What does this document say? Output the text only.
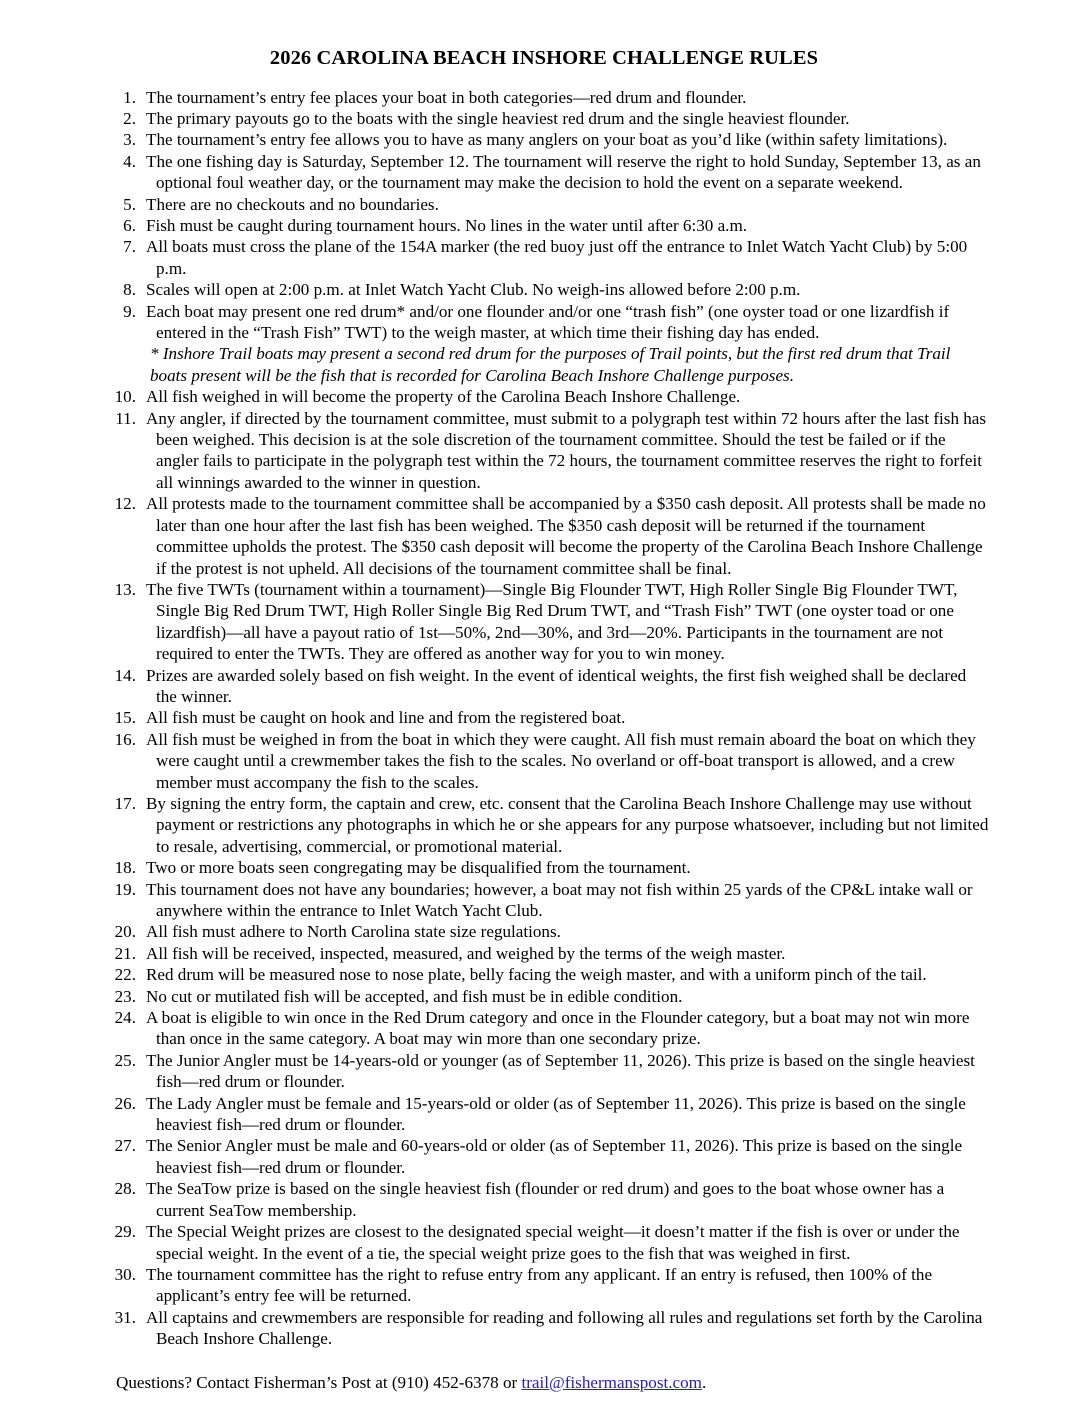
2026 CAROLINA BEACH INSHORE CHALLENGE RULES
1. The tournament’s entry fee places your boat in both categories—red drum and flounder.
2. The primary payouts go to the boats with the single heaviest red drum and the single heaviest flounder.
3. The tournament’s entry fee allows you to have as many anglers on your boat as you’d like (within safety limitations).
4. The one fishing day is Saturday, September 12. The tournament will reserve the right to hold Sunday, September 13, as an optional foul weather day, or the tournament may make the decision to hold the event on a separate weekend.
5. There are no checkouts and no boundaries.
6. Fish must be caught during tournament hours. No lines in the water until after 6:30 a.m.
7. All boats must cross the plane of the 154A marker (the red buoy just off the entrance to Inlet Watch Yacht Club) by 5:00 p.m.
8. Scales will open at 2:00 p.m. at Inlet Watch Yacht Club. No weigh-ins allowed before 2:00 p.m.
9. Each boat may present one red drum* and/or one flounder and/or one “trash fish” (one oyster toad or one lizardfish if entered in the “Trash Fish” TWT) to the weigh master, at which time their fishing day has ended.
* Inshore Trail boats may present a second red drum for the purposes of Trail points, but the first red drum that Trail boats present will be the fish that is recorded for Carolina Beach Inshore Challenge purposes.
10. All fish weighed in will become the property of the Carolina Beach Inshore Challenge.
11. Any angler, if directed by the tournament committee, must submit to a polygraph test within 72 hours after the last fish has been weighed. This decision is at the sole discretion of the tournament committee. Should the test be failed or if the angler fails to participate in the polygraph test within the 72 hours, the tournament committee reserves the right to forfeit all winnings awarded to the winner in question.
12. All protests made to the tournament committee shall be accompanied by a $350 cash deposit. All protests shall be made no later than one hour after the last fish has been weighed. The $350 cash deposit will be returned if the tournament committee upholds the protest. The $350 cash deposit will become the property of the Carolina Beach Inshore Challenge if the protest is not upheld. All decisions of the tournament committee shall be final.
13. The five TWTs (tournament within a tournament)—Single Big Flounder TWT, High Roller Single Big Flounder TWT, Single Big Red Drum TWT, High Roller Single Big Red Drum TWT, and “Trash Fish” TWT (one oyster toad or one lizardfish)—all have a payout ratio of 1st—50%, 2nd—30%, and 3rd—20%. Participants in the tournament are not required to enter the TWTs. They are offered as another way for you to win money.
14. Prizes are awarded solely based on fish weight. In the event of identical weights, the first fish weighed shall be declared the winner.
15. All fish must be caught on hook and line and from the registered boat.
16. All fish must be weighed in from the boat in which they were caught. All fish must remain aboard the boat on which they were caught until a crewmember takes the fish to the scales. No overland or off-boat transport is allowed, and a crew member must accompany the fish to the scales.
17. By signing the entry form, the captain and crew, etc. consent that the Carolina Beach Inshore Challenge may use without payment or restrictions any photographs in which he or she appears for any purpose whatsoever, including but not limited to resale, advertising, commercial, or promotional material.
18. Two or more boats seen congregating may be disqualified from the tournament.
19. This tournament does not have any boundaries; however, a boat may not fish within 25 yards of the CP&L intake wall or anywhere within the entrance to Inlet Watch Yacht Club.
20. All fish must adhere to North Carolina state size regulations.
21. All fish will be received, inspected, measured, and weighed by the terms of the weigh master.
22. Red drum will be measured nose to nose plate, belly facing the weigh master, and with a uniform pinch of the tail.
23. No cut or mutilated fish will be accepted, and fish must be in edible condition.
24. A boat is eligible to win once in the Red Drum category and once in the Flounder category, but a boat may not win more than once in the same category. A boat may win more than one secondary prize.
25. The Junior Angler must be 14-years-old or younger (as of September 11, 2026). This prize is based on the single heaviest fish—red drum or flounder.
26. The Lady Angler must be female and 15-years-old or older (as of September 11, 2026). This prize is based on the single heaviest fish—red drum or flounder.
27. The Senior Angler must be male and 60-years-old or older (as of September 11, 2026). This prize is based on the single heaviest fish—red drum or flounder.
28. The SeaTow prize is based on the single heaviest fish (flounder or red drum) and goes to the boat whose owner has a current SeaTow membership.
29. The Special Weight prizes are closest to the designated special weight—it doesn’t matter if the fish is over or under the special weight. In the event of a tie, the special weight prize goes to the fish that was weighed in first.
30. The tournament committee has the right to refuse entry from any applicant. If an entry is refused, then 100% of the applicant’s entry fee will be returned.
31. All captains and crewmembers are responsible for reading and following all rules and regulations set forth by the Carolina Beach Inshore Challenge.
Questions? Contact Fisherman’s Post at (910) 452-6378 or trail@fishermanspost.com.
